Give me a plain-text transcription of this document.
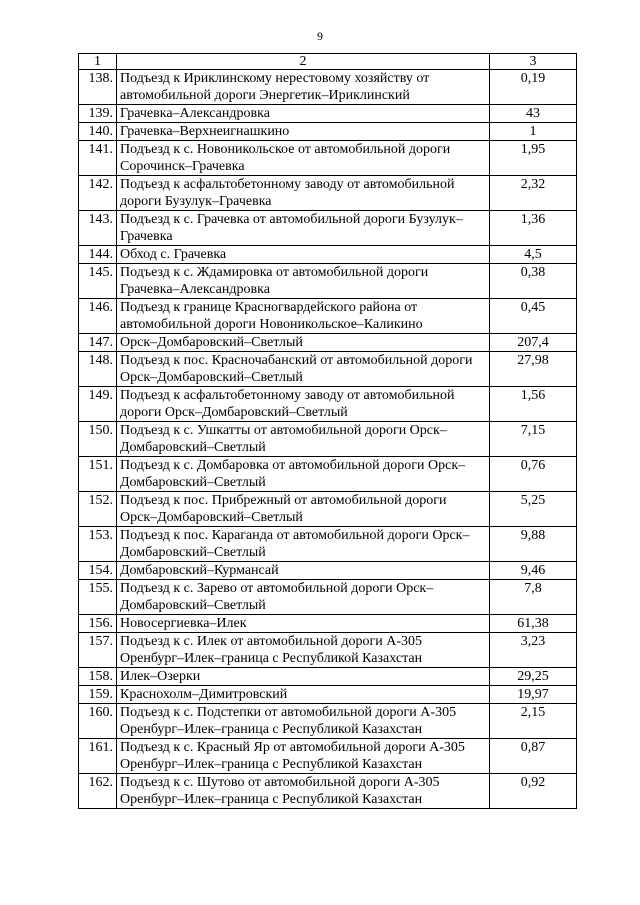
9
1	2	3
138.	Подъезд к Ириклинскому нерестовому хозяйству от автомобильной дороги Энергетик–Ириклинский	0,19
139.	Грачевка–Александровка	43
140.	Грачевка–Верхнеигнашкино	1
141.	Подъезд к с. Новоникольское от автомобильной дороги Сорочинск–Грачевка	1,95
142.	Подъезд к асфальтобетонному заводу от автомобильной дороги Бузулук–Грачевка	2,32
143.	Подъезд к с. Грачевка от автомобильной дороги Бузулук–Грачевка	1,36
144.	Обход с. Грачевка	4,5
145.	Подъезд к с. Ждамировка от автомобильной дороги Грачевка–Александровка	0,38
146.	Подъезд к границе Красногвардейского района от автомобильной дороги Новоникольское–Каликино	0,45
147.	Орск–Домбаровский–Светлый	207,4
148.	Подъезд к пос. Красночабанский от автомобильной дороги Орск–Домбаровский–Светлый	27,98
149.	Подъезд к асфальтобетонному заводу от автомобильной дороги Орск–Домбаровский–Светлый	1,56
150.	Подъезд к с. Ушкатты от автомобильной дороги Орск–Домбаровский–Светлый	7,15
151.	Подъезд к с. Домбаровка от автомобильной дороги Орск–Домбаровский–Светлый	0,76
152.	Подъезд к пос. Прибрежный от автомобильной дороги Орск–Домбаровский–Светлый	5,25
153.	Подъезд к пос. Караганда от автомобильной дороги Орск–Домбаровский–Светлый	9,88
154.	Домбаровский–Курмансай	9,46
155.	Подъезд к с. Зарево от автомобильной дороги Орск–Домбаровский–Светлый	7,8
156.	Новосергиевка–Илек	61,38
157.	Подъезд к с. Илек от автомобильной дороги А-305 Оренбург–Илек–граница с Республикой Казахстан	3,23
158.	Илек–Озерки	29,25
159.	Краснохолм–Димитровский	19,97
160.	Подъезд к с. Подстепки от автомобильной дороги А-305 Оренбург–Илек–граница с Республикой Казахстан	2,15
161.	Подъезд к с. Красный Яр от автомобильной дороги А-305 Оренбург–Илек–граница с Республикой Казахстан	0,87
162.	Подъезд к с. Шутово от автомобильной дороги А-305 Оренбург–Илек–граница с Республикой Казахстан	0,92
